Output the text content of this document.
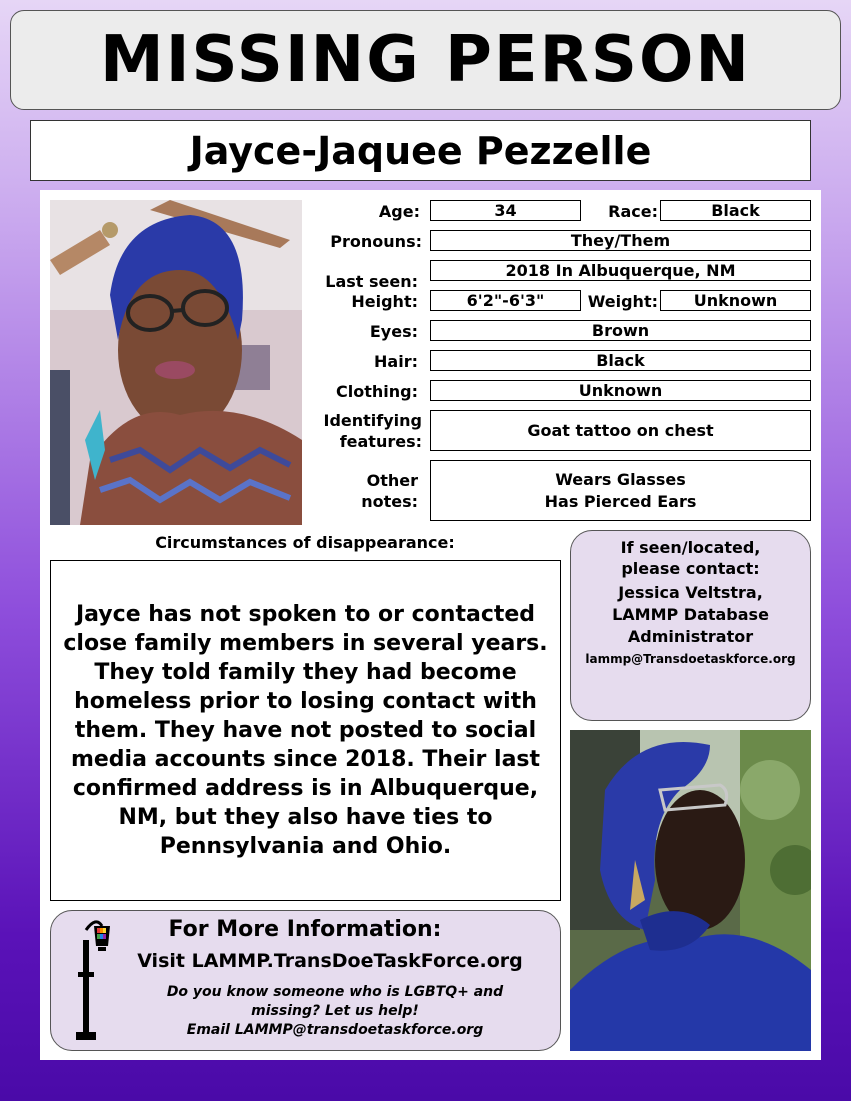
MISSING PERSON
Jayce-Jaquee Pezzelle
Age:	34	Race:	Black
Pronouns:	They/Them
Last seen:
2018 In Albuquerque, NM
Height:	6'2"-6'3"	Weight:	Unknown
Eyes:	Brown
Hair:	Black
Clothing:	Unknown
Identifying
features:
Goat tattoo on chest
Other
notes:
Wears Glasses
Has Pierced Ears
Circumstances of disappearance:
Jayce has not spoken to or contacted close family members in several years. They told family they had become homeless prior to losing contact with them. They have not posted to social media accounts since 2018. Their last confirmed address is in Albuquerque, NM, but they also have ties to Pennsylvania and Ohio.
If seen/located,
please contact:
Jessica Veltstra,
LAMMP Database
Administrator
lammp@Transdoetaskforce.org
For More Information:
Visit LAMMP.TransDoeTaskForce.org
Do you know someone who is LGBTQ+ and
missing? Let us help!
Email LAMMP@transdoetaskforce.org
